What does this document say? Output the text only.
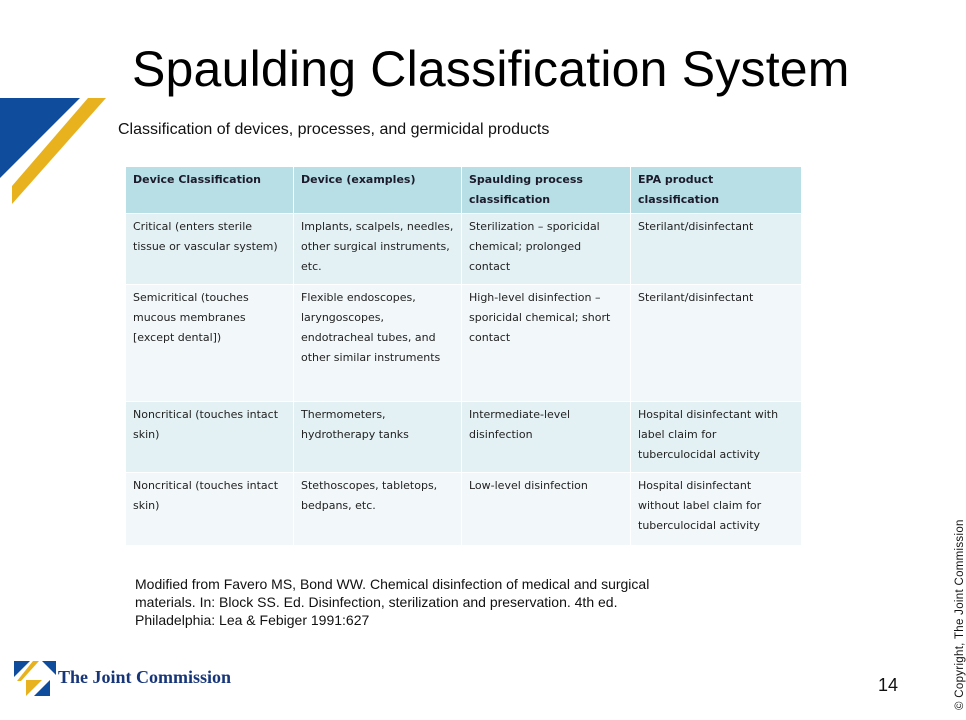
Spaulding Classification System
Classification of devices, processes, and germicidal products
Device Classification	Device (examples)	Spaulding process classification	EPA product classification
Critical (enters sterile tissue or vascular system)	Implants, scalpels, needles, other surgical instruments, etc.	Sterilization – sporicidal chemical; prolonged contact	Sterilant/disinfectant
Semicritical (touches mucous membranes [except dental])	Flexible endoscopes, laryngoscopes, endotracheal tubes, and other similar instruments	High-level disinfection – sporicidal chemical; short contact	Sterilant/disinfectant
Noncritical (touches intact skin)	Thermometers, hydrotherapy tanks	Intermediate-level disinfection	Hospital disinfectant with label claim for tuberculocidal activity
Noncritical (touches intact skin)	Stethoscopes, tabletops, bedpans, etc.	Low-level disinfection	Hospital disinfectant without label claim for tuberculocidal activity
Modified from Favero MS, Bond WW. Chemical disinfection of medical and surgical materials. In: Block SS. Ed. Disinfection, sterilization and preservation. 4th ed. Philadelphia: Lea & Febiger 1991:627
The Joint Commission	14	© Copyright, The Joint Commission
